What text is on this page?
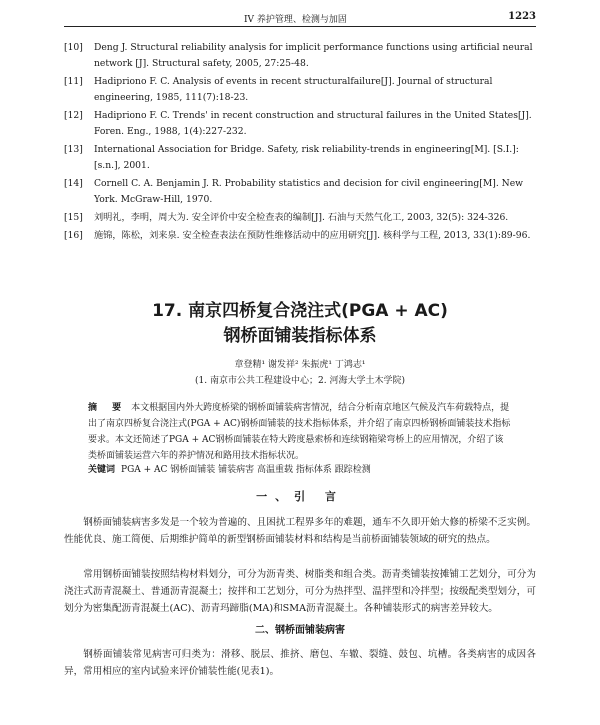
IV 养护管理、检测与加固	1223
[10] Deng J. Structural reliability analysis for implicit performance functions using artificial neural network [J]. Structural safety, 2005, 27:25-48.
[11] Hadipriono F. C. Analysis of events in recent structuralfailure[J]. Journal of structural engineering, 1985, 111(7):18-23.
[12] Hadipriono F. C. Trends' in recent construction and structural failures in the United States[J]. Foren. Eng., 1988, 1(4):227-232.
[13] International Association for Bridge. Safety, risk reliability-trends in engineering[M]. [S.I.]:[s.n.], 2001.
[14] Cornell C. A. Benjamin J. R. Probability statistics and decision for civil engineering[M]. New York. McGraw-Hill, 1970.
[15] 刘明礼，李明，周大为. 安全评价中安全检查表的编制[J]. 石油与天然气化工, 2003, 32(5): 324-326.
[16] 施锦，陈松，刘来泉. 安全检查表法在预防性维修活动中的应用研究[J]. 核科学与工程, 2013, 33(1):89-96.
17. 南京四桥复合浇注式(PGA + AC)
钢桥面铺装指标体系
章登精¹ 谢发祥² 朱振虎¹ 丁鸿志¹
(1. 南京市公共工程建设中心；2. 河海大学土木学院)
摘 要 本文根据国内外大跨度桥梁的钢桥面铺装病害情况，结合分析南京地区气候及汽车荷载特点，提出了南京四桥复合浇注式(PGA + AC)钢桥面铺装的技术指标体系，并介绍了南京四桥钢桥面铺装技术指标要求。本文还简述了PGA + AC钢桥面铺装在特大跨度悬索桥和连续钢箱梁弯桥上的应用情况，介绍了该类桥面铺装运营六年的养护情况和路用技术指标状况。
关键词 PGA + AC 钢桥面铺装 铺装病害 高温重载 指标体系 跟踪检测
一、引 言
钢桥面铺装病害多发是一个较为普遍的、且困扰工程界多年的难题，通车不久即开始大修的桥梁不乏实例。性能优良、施工简便、后期维护简单的新型钢桥面铺装材料和结构是当前桥面铺装领域的研究的热点。
常用钢桥面铺装按照结构材料划分，可分为沥青类、树脂类和组合类。沥青类铺装按摊铺工艺划分，可分为浇注式沥青混凝土、普通沥青混凝土；按拌和工艺划分，可分为热拌型、温拌型和冷拌型；按级配类型划分，可划分为密集配沥青混凝土(AC)、沥青玛蹄脂(MA)和SMA沥青混凝土。各种铺装形式的病害差异较大。
二、钢桥面铺装病害
钢桥面铺装常见病害可归类为：滑移、脱层、推挤、磨包、车辙、裂缝、鼓包、坑槽。各类病害的成因各异，常用相应的室内试验来评价铺装性能(见表1)。
